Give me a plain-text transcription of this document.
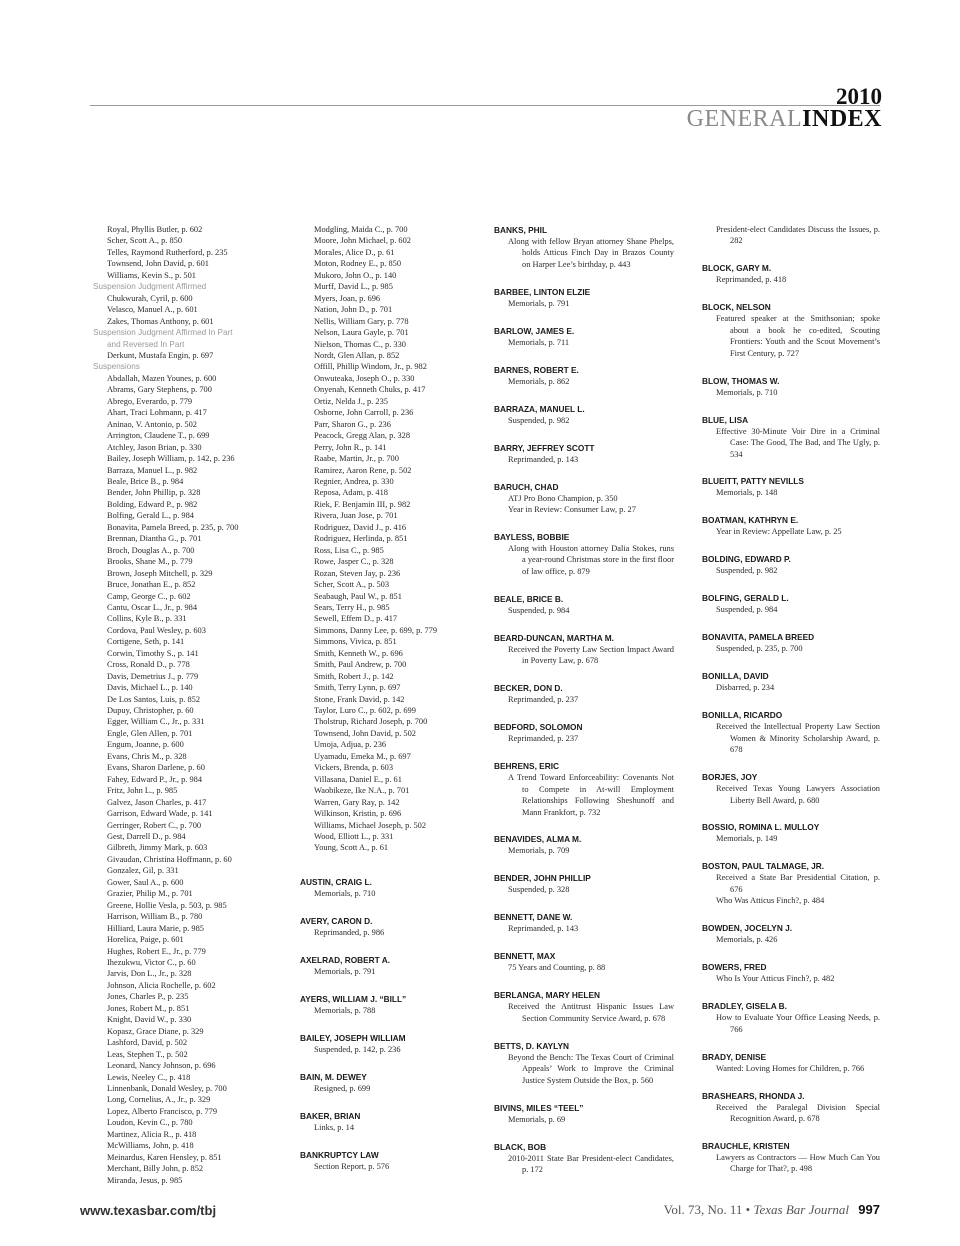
2010
GENERALINDEX
Royal, Phyllis Butler, p. 602
Scher, Scott A., p. 850
Telles, Raymond Rutherford, p. 235
Townsend, John David, p. 601
Williams, Kevin S., p. 501
Suspension Judgment Affirmed
Chukwurah, Cyril, p. 600
Velasco, Manuel A., p. 601
Zakes, Thomas Anthony, p. 601
Suspension Judgment Affirmed In Part
and Reversed In Part
Derkunt, Mustafa Engin, p. 697
Suspensions
Abdallah, Mazen Younes, p. 600
Abrams, Gary Stephens, p. 700
Abrego, Everardo, p. 779
Ahart, Traci Lohmann, p. 417
Aninao, V. Antonio, p. 502
Arrington, Claudene T., p. 699
Atchley, Jason Brian, p. 330
Bailey, Joseph William, p. 142, p. 236
Barraza, Manuel L., p. 982
Beale, Brice B., p. 984
Bender, John Phillip, p. 328
Bolding, Edward P., p. 982
Bolfing, Gerald L., p. 984
Bonavita, Pamela Breed, p. 235, p. 700
Brennan, Diantha G., p. 701
Broch, Douglas A., p. 700
Brooks, Shane M., p. 779
Brown, Joseph Mitchell, p. 329
Bruce, Jonathan E., p. 852
Camp, George C., p. 602
Cantu, Oscar L., Jr., p. 984
Collins, Kyle B., p. 331
Cordova, Paul Wesley, p. 603
Cortigene, Seth, p. 141
Corwin, Timothy S., p. 141
Cross, Ronald D., p. 778
Davis, Demetrius J., p. 779
Davis, Michael L., p. 140
De Los Santos, Luis, p. 852
Dupuy, Christopher, p. 60
Egger, William C., Jr., p. 331
Engle, Glen Allen, p. 701
Engum, Joanne, p. 600
Evans, Chris M., p. 328
Evans, Sharon Darlene, p. 60
Fahey, Edward P., Jr., p. 984
Fritz, John L., p. 985
Galvez, Jason Charles, p. 417
Garrison, Edward Wade, p. 141
Gerringer, Robert C., p. 700
Gest, Darrell D., p. 984
Gilbreth, Jimmy Mark, p. 603
Givaudan, Christina Hoffmann, p. 60
Gonzalez, Gil, p. 331
Gower, Saul A., p. 600
Grazier, Philip M., p. 701
Greene, Hollie Vesla, p. 503, p. 985
Harrison, William B., p. 780
Hilliard, Laura Marie, p. 985
Horelica, Paige, p. 601
Hughes, Robert E., Jr., p. 779
Ihezukwu, Victor C., p. 60
Jarvis, Don L., Jr., p. 328
Johnson, Alicia Rochelle, p. 602
Jones, Charles P., p. 235
Jones, Robert M., p. 851
Knight, David W., p. 330
Kopasz, Grace Diane, p. 329
Lashford, David, p. 502
Leas, Stephen T., p. 502
Leonard, Nancy Johnson, p. 696
Lewis, Neeley C., p. 418
Linnenbank, Donald Wesley, p. 700
Long, Cornelius, A., Jr., p. 329
Lopez, Alberto Francisco, p. 779
Loudon, Kevin C., p. 780
Martinez, Alicia R., p. 418
McWilliams, John, p. 418
Meinardus, Karen Hensley, p. 851
Merchant, Billy John, p. 852
Miranda, Jesus, p. 985
Modgling, Maida C., p. 700
Moore, John Michael, p. 602
Morales, Alice D., p. 61
Moton, Rodney E., p. 850
Mukoro, John O., p. 140
Murff, David L., p. 985
Myers, Joan, p. 696
Nation, John D., p. 701
Nellis, William Gary, p. 778
Nelson, Laura Gayle, p. 701
Nielson, Thomas C., p. 330
Nordt, Glen Allan, p. 852
Offill, Phillip Windom, Jr., p. 982
Onwuteaka, Joseph O., p. 330
Onyenah, Kenneth Chuks, p. 417
Ortiz, Nelda J., p. 235
Osborne, John Carroll, p. 236
Parr, Sharon G., p. 236
Peacock, Gregg Alan, p. 328
Perry, John R., p. 141
Raabe, Martin, Jr., p. 700
Ramirez, Aaron Rene, p. 502
Regnier, Andrea, p. 330
Reposa, Adam, p. 418
Riek, F. Benjamin III, p. 982
Rivera, Juan Jose, p. 701
Rodriguez, David J., p. 416
Rodriguez, Herlinda, p. 851
Ross, Lisa C., p. 985
Rowe, Jasper C., p. 328
Rozan, Steven Jay, p. 236
Scher, Scott A., p. 503
Seabaugh, Paul W., p. 851
Sears, Terry H., p. 985
Sewell, Effem D., p. 417
Simmons, Danny Lee, p. 699, p. 779
Simmons, Vivica, p. 851
Smith, Kenneth W., p. 696
Smith, Paul Andrew, p. 700
Smith, Robert J., p. 142
Smith, Terry Lynn, p. 697
Stone, Frank David, p. 142
Taylor, Luro C., p. 602, p. 699
Tholstrup, Richard Joseph, p. 700
Townsend, John David, p. 502
Umoja, Adjua, p. 236
Uyamadu, Emeka M., p. 697
Vickers, Brenda, p. 603
Villasana, Daniel E., p. 61
Waobikeze, Ike N.A., p. 701
Warren, Gary Ray, p. 142
Wilkinson, Kristin, p. 696
Williams, Michael Joseph, p. 502
Wood, Elliott L., p. 331
Young, Scott A., p. 61
AUSTIN, CRAIG L.
Memorials, p. 710
AVERY, CARON D.
Reprimanded, p. 986
AXELRAD, ROBERT A.
Memorials, p. 791
AYERS, WILLIAM J. “BILL”
Memorials, p. 788
BAILEY, JOSEPH WILLIAM
Suspended, p. 142, p. 236
BAIN, M. DEWEY
Resigned, p. 699
BAKER, BRIAN
Links, p. 14
BANKRUPTCY LAW
Section Report, p. 576
BANKS, PHIL
Along with fellow Bryan attorney Shane Phelps, holds Atticus Finch Day in Brazos County on Harper Lee’s birthday, p. 443
BARBEE, LINTON ELZIE
Memorials, p. 791
BARLOW, JAMES E.
Memorials, p. 711
BARNES, ROBERT E.
Memorials, p. 862
BARRAZA, MANUEL L.
Suspended, p. 982
BARRY, JEFFREY SCOTT
Reprimanded, p. 143
BARUCH, CHAD
ATJ Pro Bono Champion, p. 350
Year in Review: Consumer Law, p. 27
BAYLESS, BOBBIE
Along with Houston attorney Dalia Stokes, runs a year-round Christmas store in the first floor of law office, p. 879
BEALE, BRICE B.
Suspended, p. 984
BEARD-DUNCAN, MARTHA M.
Received the Poverty Law Section Impact Award in Poverty Law, p. 678
BECKER, DON D.
Reprimanded, p. 237
BEDFORD, SOLOMON
Reprimanded, p. 237
BEHRENS, ERIC
A Trend Toward Enforceability: Covenants Not to Compete in At-will Employment Relationships Following Sheshunoff and Mann Frankfort, p. 732
BENAVIDES, ALMA M.
Memorials, p. 709
BENDER, JOHN PHILLIP
Suspended, p. 328
BENNETT, DANE W.
Reprimanded, p. 143
BENNETT, MAX
75 Years and Counting, p. 88
BERLANGA, MARY HELEN
Received the Antitrust Hispanic Issues Law Section Community Service Award, p. 678
BETTS, D. KAYLYN
Beyond the Bench: The Texas Court of Criminal Appeals’ Work to Improve the Criminal Justice System Outside the Box, p. 560
BIVINS, MILES “TEEL”
Memorials, p. 69
BLACK, BOB
2010-2011 State Bar President-elect Candidates, p. 172
President-elect Candidates Discuss the Issues, p. 282
BLOCK, GARY M.
Reprimanded, p. 418
BLOCK, NELSON
Featured speaker at the Smithsonian; spoke about a book he co-edited, Scouting Frontiers: Youth and the Scout Movement’s First Century, p. 727
BLOW, THOMAS W.
Memorials, p. 710
BLUE, LISA
Effective 30-Minute Voir Dire in a Criminal Case: The Good, The Bad, and The Ugly, p. 534
BLUEITT, PATTY NEVILLS
Memorials, p. 148
BOATMAN, KATHRYN E.
Year in Review: Appellate Law, p. 25
BOLDING, EDWARD P.
Suspended, p. 982
BOLFING, GERALD L.
Suspended, p. 984
BONAVITA, PAMELA BREED
Suspended, p. 235, p. 700
BONILLA, DAVID
Disbarred, p. 234
BONILLA, RICARDO
Received the Intellectual Property Law Section Women & Minority Scholarship Award, p. 678
BORJES, JOY
Received Texas Young Lawyers Association Liberty Bell Award, p. 680
BOSSIO, ROMINA L. MULLOY
Memorials, p. 149
BOSTON, PAUL TALMAGE, JR.
Received a State Bar Presidential Citation, p. 676
Who Was Atticus Finch?, p. 484
BOWDEN, JOCELYN J.
Memorials, p. 426
BOWERS, FRED
Who Is Your Atticus Finch?, p. 482
BRADLEY, GISELA B.
How to Evaluate Your Office Leasing Needs, p. 766
BRADY, DENISE
Wanted: Loving Homes for Children, p. 766
BRASHEARS, RHONDA J.
Received the Paralegal Division Special Recognition Award, p. 678
BRAUCHLE, KRISTEN
Lawyers as Contractors — How Much Can You Charge for That?, p. 498
www.texasbar.com/tbj	Vol. 73, No. 11 • Texas Bar Journal 997
